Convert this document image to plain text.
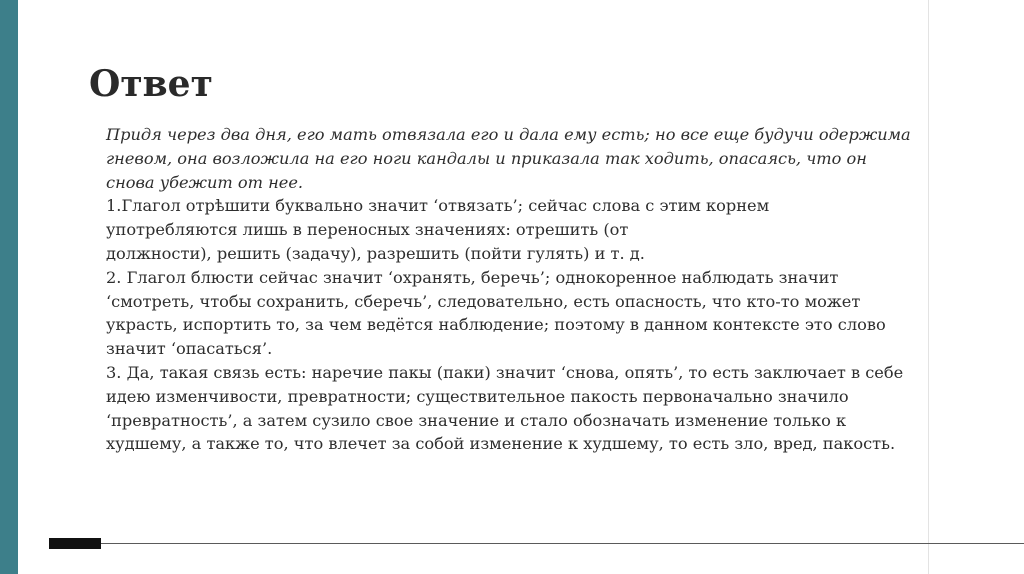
Ответ
Придя через два дня, его мать отвязала его и дала ему есть; но все еще будучи одержима
гневом, она возложила на его ноги кандалы и приказала так ходить, опасаясь, что он
снова убежит от нее.
1.Глагол отрѣшити буквально значит ‘отвязать’; сейчас слова с этим корнем
употребляются лишь в переносных значениях: отрешить (от
должности), решить (задачу), разрешить (пойти гулять) и т. д.
2. Глагол блюсти сейчас значит ‘охранять, беречь’; однокоренное наблюдать значит
‘смотреть, чтобы сохранить, сберечь’, следовательно, есть опасность, что кто-то может
украсть, испортить то, за чем ведётся наблюдение; поэтому в данном контексте это слово
значит ‘опасаться’.
3. Да, такая связь есть: наречие пакы (паки) значит ‘снова, опять’, то есть заключает в себе
идею изменчивости, превратности; существительное пакость первоначально значило
‘превратность’, а затем сузило свое значение и стало обозначать изменение только к
худшему, а также то, что влечет за собой изменение к худшему, то есть зло, вред, пакость.
